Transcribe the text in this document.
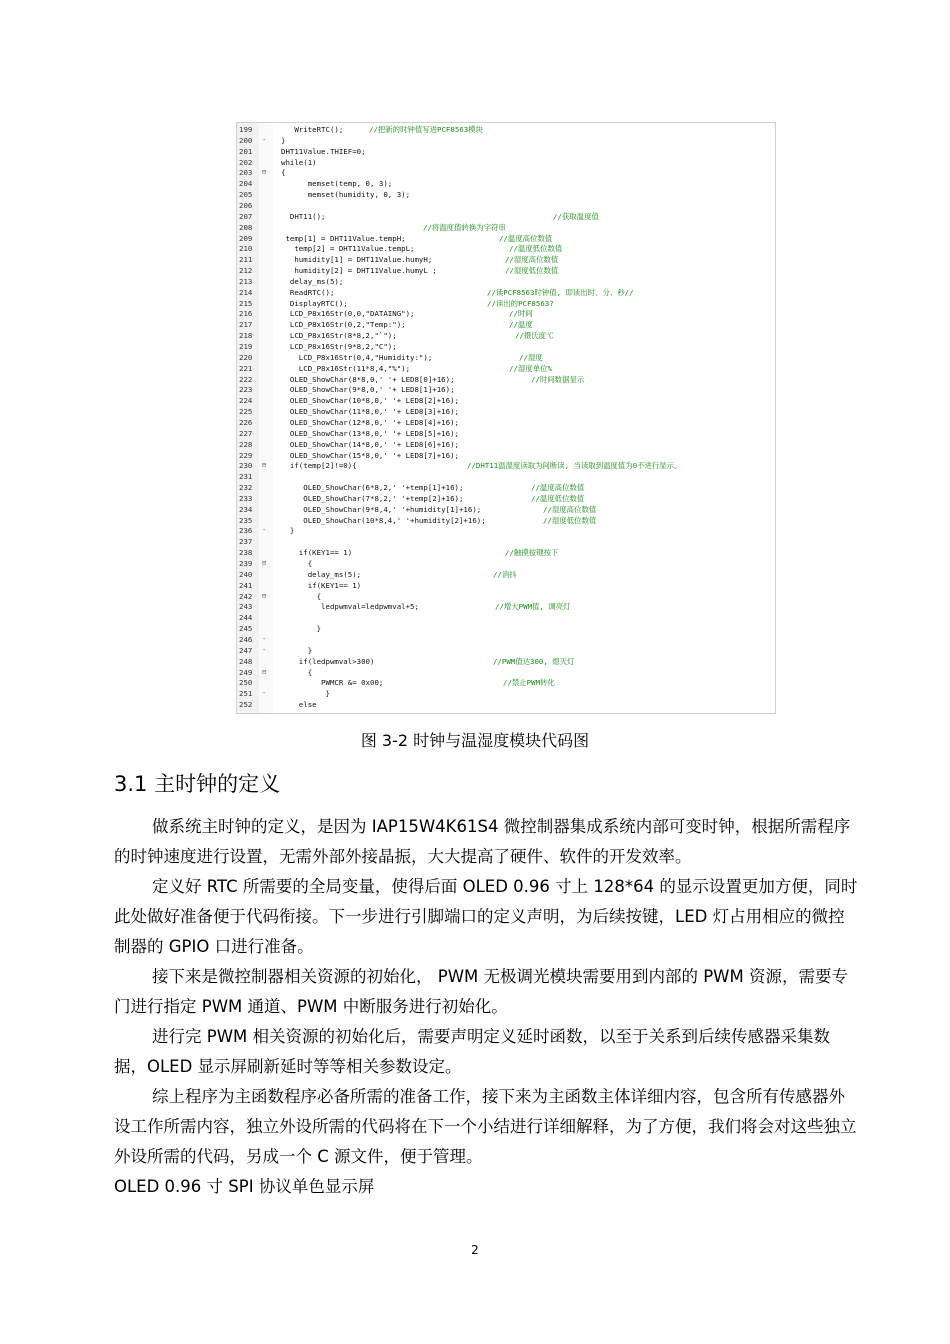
199	WriteRTC();	//把新的时钟值写进PCF8563模块
200	-	}
201	DHT11Value.THIEF=0;
202	while(1)
203	⊟	{
204	memset(temp, 0, 3);
205	memset(humidity, 0, 3);
206
207	DHT11();	//获取温度值
208	//将温度值转换为字符串
209	temp[1] = DHT11Value.tempH;	//温度高位数值
210	temp[2] = DHT11Value.tempL;	//温度低位数值
211	humidity[1] = DHT11Value.humyH;	//湿度高位数值
212	humidity[2] = DHT11Value.humyL ;	//湿度低位数值
213	delay_ms(5);
214	ReadRTC();	//读PCF8563时钟值, 即读出时、分、秒//
215	DisplayRTC();	//读出的PCF8563?
216	LCD_P8x16Str(0,0,"DATAING");	//时间
217	LCD_P8x16Str(0,2,"Temp:");	//温度
218	LCD_P8x16Str(8*8,2,"`");	//摄氏度℃
219	LCD_P8x16Str(9*8,2,"C");
220	LCD_P8x16Str(0,4,"Humidity:");	//湿度
221	LCD_P8x16Str(11*8,4,"%");	//湿度单位%
222	OLED_ShowChar(8*8,0,' '+ LED8[0]+16);	//时间数据显示
223	OLED_ShowChar(9*8,0,' '+ LED8[1]+16);
224	OLED_ShowChar(10*8,0,' '+ LED8[2]+16);
225	OLED_ShowChar(11*8,0,' '+ LED8[3]+16);
226	OLED_ShowChar(12*8,0,' '+ LED8[4]+16);
227	OLED_ShowChar(13*8,0,' '+ LED8[5]+16);
228	OLED_ShowChar(14*8,0,' '+ LED8[6]+16);
229	OLED_ShowChar(15*8,0,' '+ LED8[7]+16);
230	⊟	if(temp[2]!=0){	//DHT11温湿度读取为间断读, 当读取到温度值为0不进行显示。
231
232	OLED_ShowChar(6*8,2,' '+temp[1]+16);	//温度高位数值
233	OLED_ShowChar(7*8,2,' '+temp[2]+16);	//温度低位数值
234	OLED_ShowChar(9*8,4,' '+humidity[1]+16);	//湿度高位数值
235	OLED_ShowChar(10*8,4,' '+humidity[2]+16);	//湿度低位数值
236	-	}
237
238	if(KEY1== 1)	//触摸按键按下
239	⊟	{
240	delay_ms(5);	//消抖
241	if(KEY1== 1)
242	⊟	{
243	ledpwmval=ledpwmval+5;	//增大PWM值, 调亮灯
244
245	}
246	-
247	-	}
248	if(ledpwmval>300)	//PWM值达300, 熄灭灯
249	⊟	{
250	PWMCR &= 0x00;	//禁止PWM转化
251	-	}
252	else
图 3-2 时钟与温湿度模块代码图
3.1 主时钟的定义
做系统主时钟的定义，是因为 IAP15W4K61S4 微控制器集成系统内部可变时钟，根据所需程序的时钟速度进行设置，无需外部外接晶振，大大提高了硬件、软件的开发效率。
定义好 RTC 所需要的全局变量，使得后面 OLED 0.96 寸上 128*64 的显示设置更加方便，同时此处做好准备便于代码衔接。下一步进行引脚端口的定义声明，为后续按键，LED 灯占用相应的微控制器的 GPIO 口进行准备。
接下来是微控制器相关资源的初始化， PWM 无极调光模块需要用到内部的 PWM 资源，需要专门进行指定 PWM 通道、PWM 中断服务进行初始化。
进行完 PWM 相关资源的初始化后，需要声明定义延时函数，以至于关系到后续传感器采集数据，OLED 显示屏刷新延时等等相关参数设定。
综上程序为主函数程序必备所需的准备工作，接下来为主函数主体详细内容，包含所有传感器外设工作所需内容，独立外设所需的代码将在下一个小结进行详细解释，为了方便，我们将会对这些独立外设所需的代码，另成一个 C 源文件，便于管理。
OLED 0.96 寸 SPI 协议单色显示屏
2
